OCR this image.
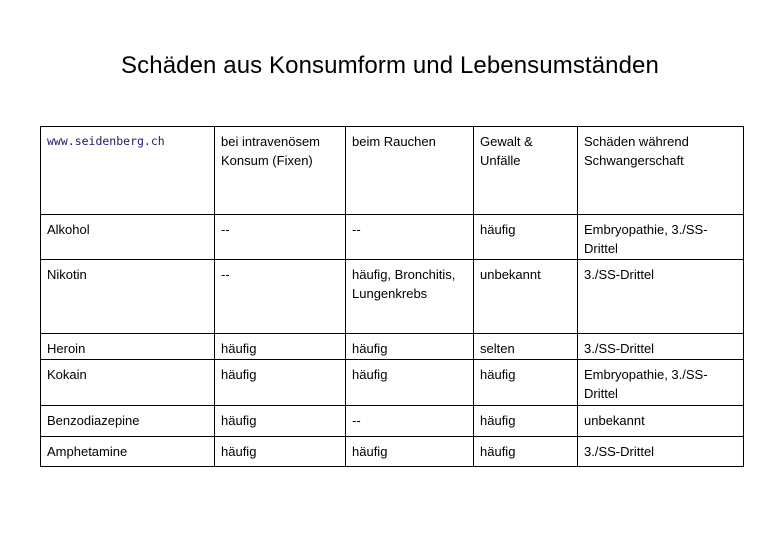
Schäden aus Konsumform und Lebensumständen
www.seidenberg.ch	bei intravenösem Konsum (Fixen)	beim Rauchen	Gewalt & Unfälle	Schäden während Schwangerschaft
Alkohol	--	--	häufig	Embryopathie, 3./SS-Drittel
Nikotin	--	häufig, Bronchitis, Lungenkrebs	unbekannt	3./SS-Drittel
Heroin	häufig	häufig	selten	3./SS-Drittel
Kokain	häufig	häufig	häufig	Embryopathie, 3./SS-Drittel
Benzodiazepine	häufig	--	häufig	unbekannt
Amphetamine	häufig	häufig	häufig	3./SS-Drittel
